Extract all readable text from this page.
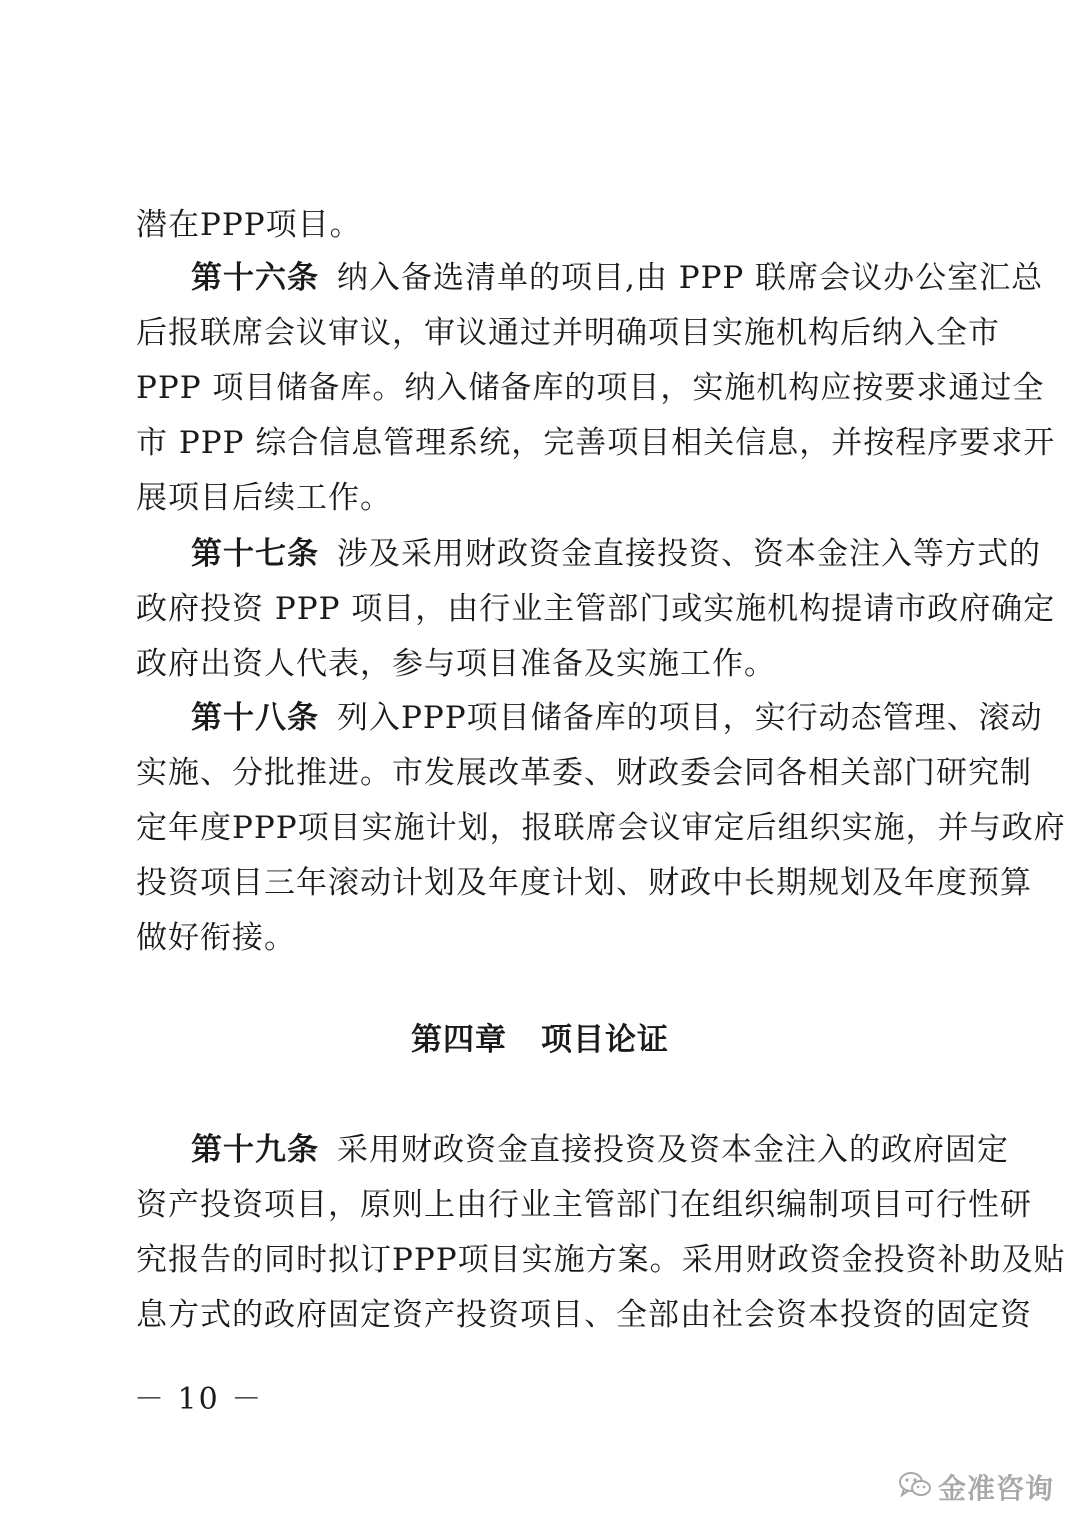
潜在PPP项目。
第十六条 纳入备选清单的项目,由 PPP 联席会议办公室汇总
后报联席会议审议，审议通过并明确项目实施机构后纳入全市
PPP 项目储备库。纳入储备库的项目，实施机构应按要求通过全
市 PPP 综合信息管理系统，完善项目相关信息，并按程序要求开
展项目后续工作。
第十七条 涉及采用财政资金直接投资、资本金注入等方式的
政府投资 PPP 项目，由行业主管部门或实施机构提请市政府确定
政府出资人代表，参与项目准备及实施工作。
第十八条 列入PPP项目储备库的项目，实行动态管理、滚动
实施、分批推进。市发展改革委、财政委会同各相关部门研究制
定年度PPP项目实施计划，报联席会议审定后组织实施，并与政府
投资项目三年滚动计划及年度计划、财政中长期规划及年度预算
做好衔接。
第四章 项目论证
第十九条 采用财政资金直接投资及资本金注入的政府固定
资产投资项目，原则上由行业主管部门在组织编制项目可行性研
究报告的同时拟订PPP项目实施方案。采用财政资金投资补助及贴
息方式的政府固定资产投资项目、全部由社会资本投资的固定资
－ 10 －
金准咨询
